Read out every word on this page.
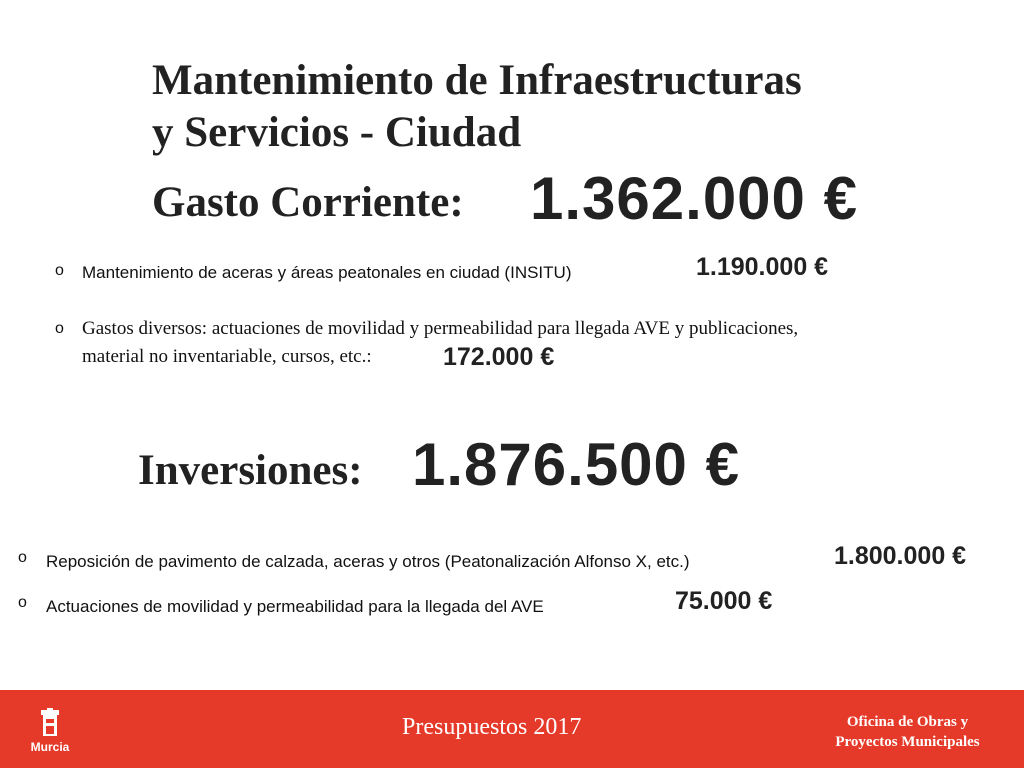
Mantenimiento de Infraestructuras
y Servicios - Ciudad
Gasto Corriente: 1.362.000 €
o Mantenimiento de aceras y áreas peatonales en ciudad (INSITU)	1.190.000 €
o Gastos diversos: actuaciones de movilidad y permeabilidad para llegada AVE y publicaciones,
material no inventariable, cursos, etc.:	172.000 €
Inversiones: 1.876.500 €
o Reposición de pavimento de calzada, aceras y otros (Peatonalización Alfonso X, etc.)	1.800.000 €
o Actuaciones de movilidad y permeabilidad para la llegada del AVE	75.000 €
Murcia
Presupuestos 2017	Oficina de Obras y
Proyectos Municipales
